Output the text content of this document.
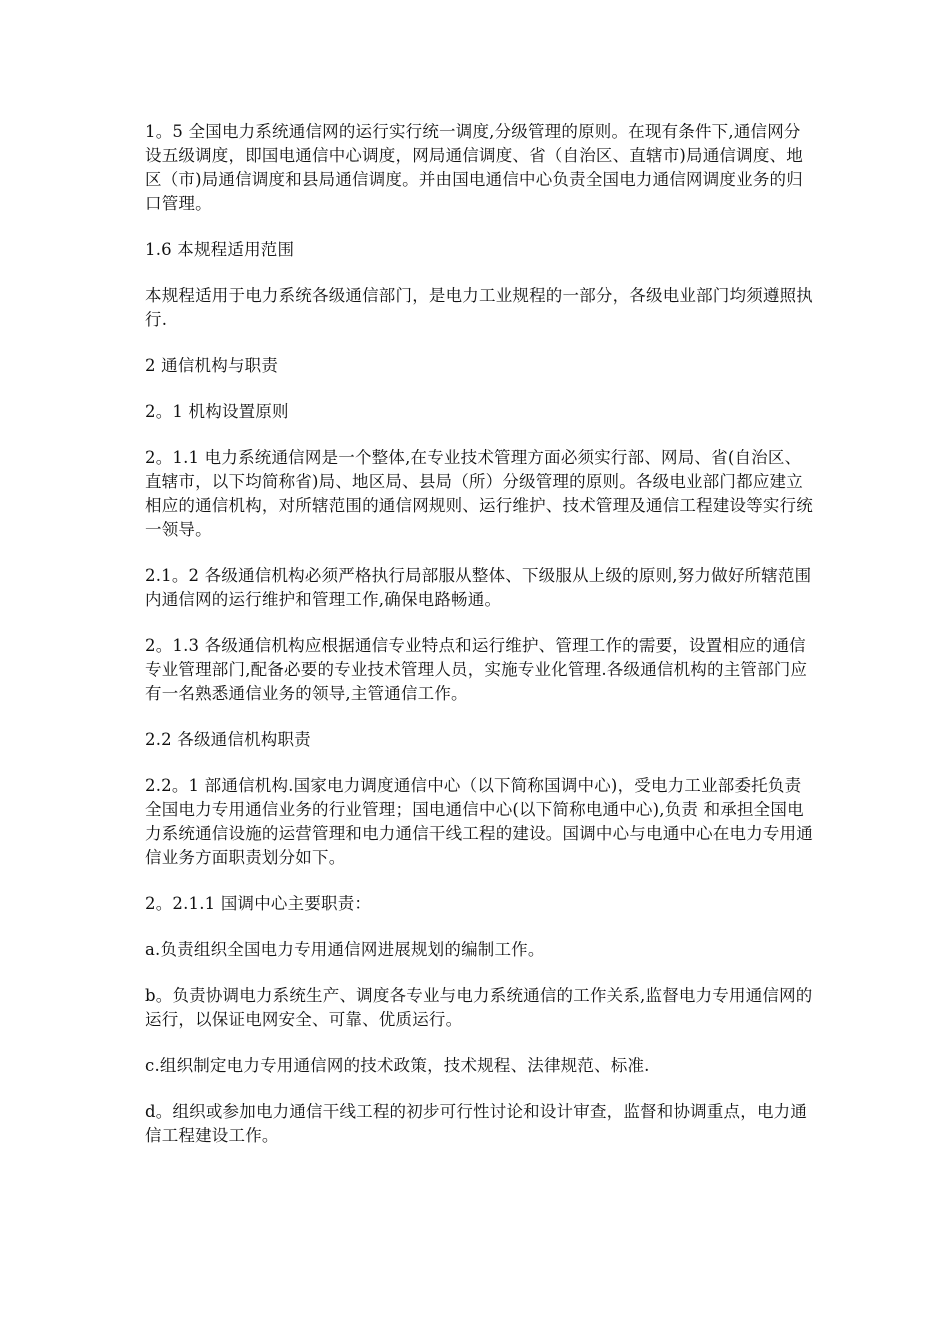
1。5 全国电力系统通信网的运行实行统一调度,分级管理的原则。在现有条件下,通信网分设五级调度，即国电通信中心调度，网局通信调度、省（自治区、直辖市)局通信调度、地区（市)局通信调度和县局通信调度。并由国电通信中心负责全国电力通信网调度业务的归口管理。

1.6 本规程适用范围

本规程适用于电力系统各级通信部门，是电力工业规程的一部分，各级电业部门均须遵照执行.

2 通信机构与职责

2。1 机构设置原则

2。1.1 电力系统通信网是一个整体,在专业技术管理方面必须实行部、网局、省(自治区、直辖市，以下均简称省)局、地区局、县局（所）分级管理的原则。各级电业部门都应建立相应的通信机构，对所辖范围的通信网规则、运行维护、技术管理及通信工程建设等实行统一领导。

2.1。2 各级通信机构必须严格执行局部服从整体、下级服从上级的原则,努力做好所辖范围内通信网的运行维护和管理工作,确保电路畅通。

2。1.3 各级通信机构应根据通信专业特点和运行维护、管理工作的需要，设置相应的通信专业管理部门,配备必要的专业技术管理人员，实施专业化管理.各级通信机构的主管部门应有一名熟悉通信业务的领导,主管通信工作。

2.2 各级通信机构职责

2.2。1 部通信机构.国家电力调度通信中心（以下简称国调中心)，受电力工业部委托负责全国电力专用通信业务的行业管理；国电通信中心(以下简称电通中心),负责 和承担全国电力系统通信设施的运营管理和电力通信干线工程的建设。国调中心与电通中心在电力专用通信业务方面职责划分如下。

2。2.1.1 国调中心主要职责：

a.负责组织全国电力专用通信网进展规划的编制工作。

b。负责协调电力系统生产、调度各专业与电力系统通信的工作关系,监督电力专用通信网的运行，以保证电网安全、可靠、优质运行。

c.组织制定电力专用通信网的技术政策，技术规程、法律规范、标准.

d。组织或参加电力通信干线工程的初步可行性讨论和设计审查，监督和协调重点，电力通信工程建设工作。
